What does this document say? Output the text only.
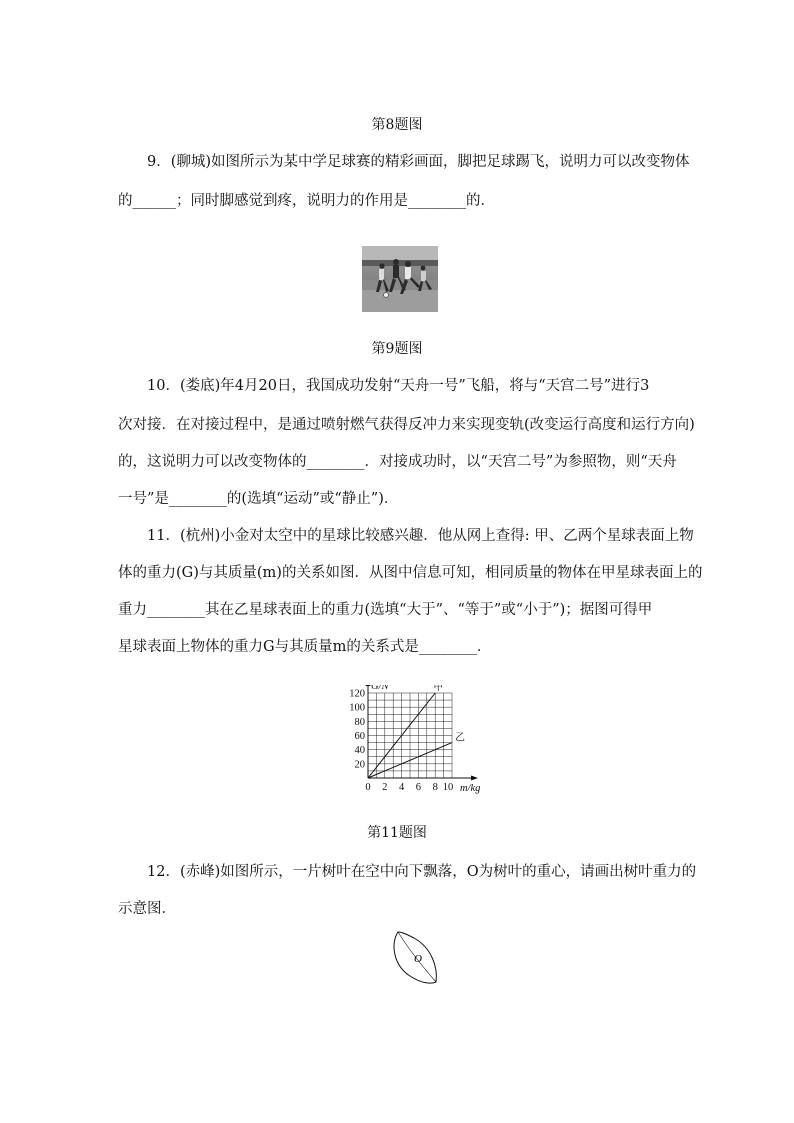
第8题图
9．(聊城)如图所示为某中学足球赛的精彩画面，脚把足球踢飞，说明力可以改变物体
的______；同时脚感觉到疼，说明力的作用是________的．
第9题图
10．(娄底)年4月20日，我国成功发射“天舟一号”飞船，将与“天宫二号”进行3
次对接．在对接过程中，是通过喷射燃气获得反冲力来实现变轨(改变运行高度和运行方向)
的，这说明力可以改变物体的________．对接成功时，以“天宫二号”为参照物，则“天舟
一号”是________的(选填“运动”或“静止”)．
11．(杭州)小金对太空中的星球比较感兴趣．他从网上查得: 甲、乙两个星球表面上物
体的重力(G)与其质量(m)的关系如图．从图中信息可知，相同质量的物体在甲星球表面上的
重力________其在乙星球表面上的重力(选填“大于”、“等于”或“小于”)；据图可得甲
星球表面上物体的重力G与其质量m的关系式是________．
甲
乙
0 2 4 6 8 10
20
40
60
80
100
120
m/kg
G/N
第11题图
12．(赤峰)如图所示，一片树叶在空中向下飘落，O为树叶的重心，请画出树叶重力的
示意图．
O
